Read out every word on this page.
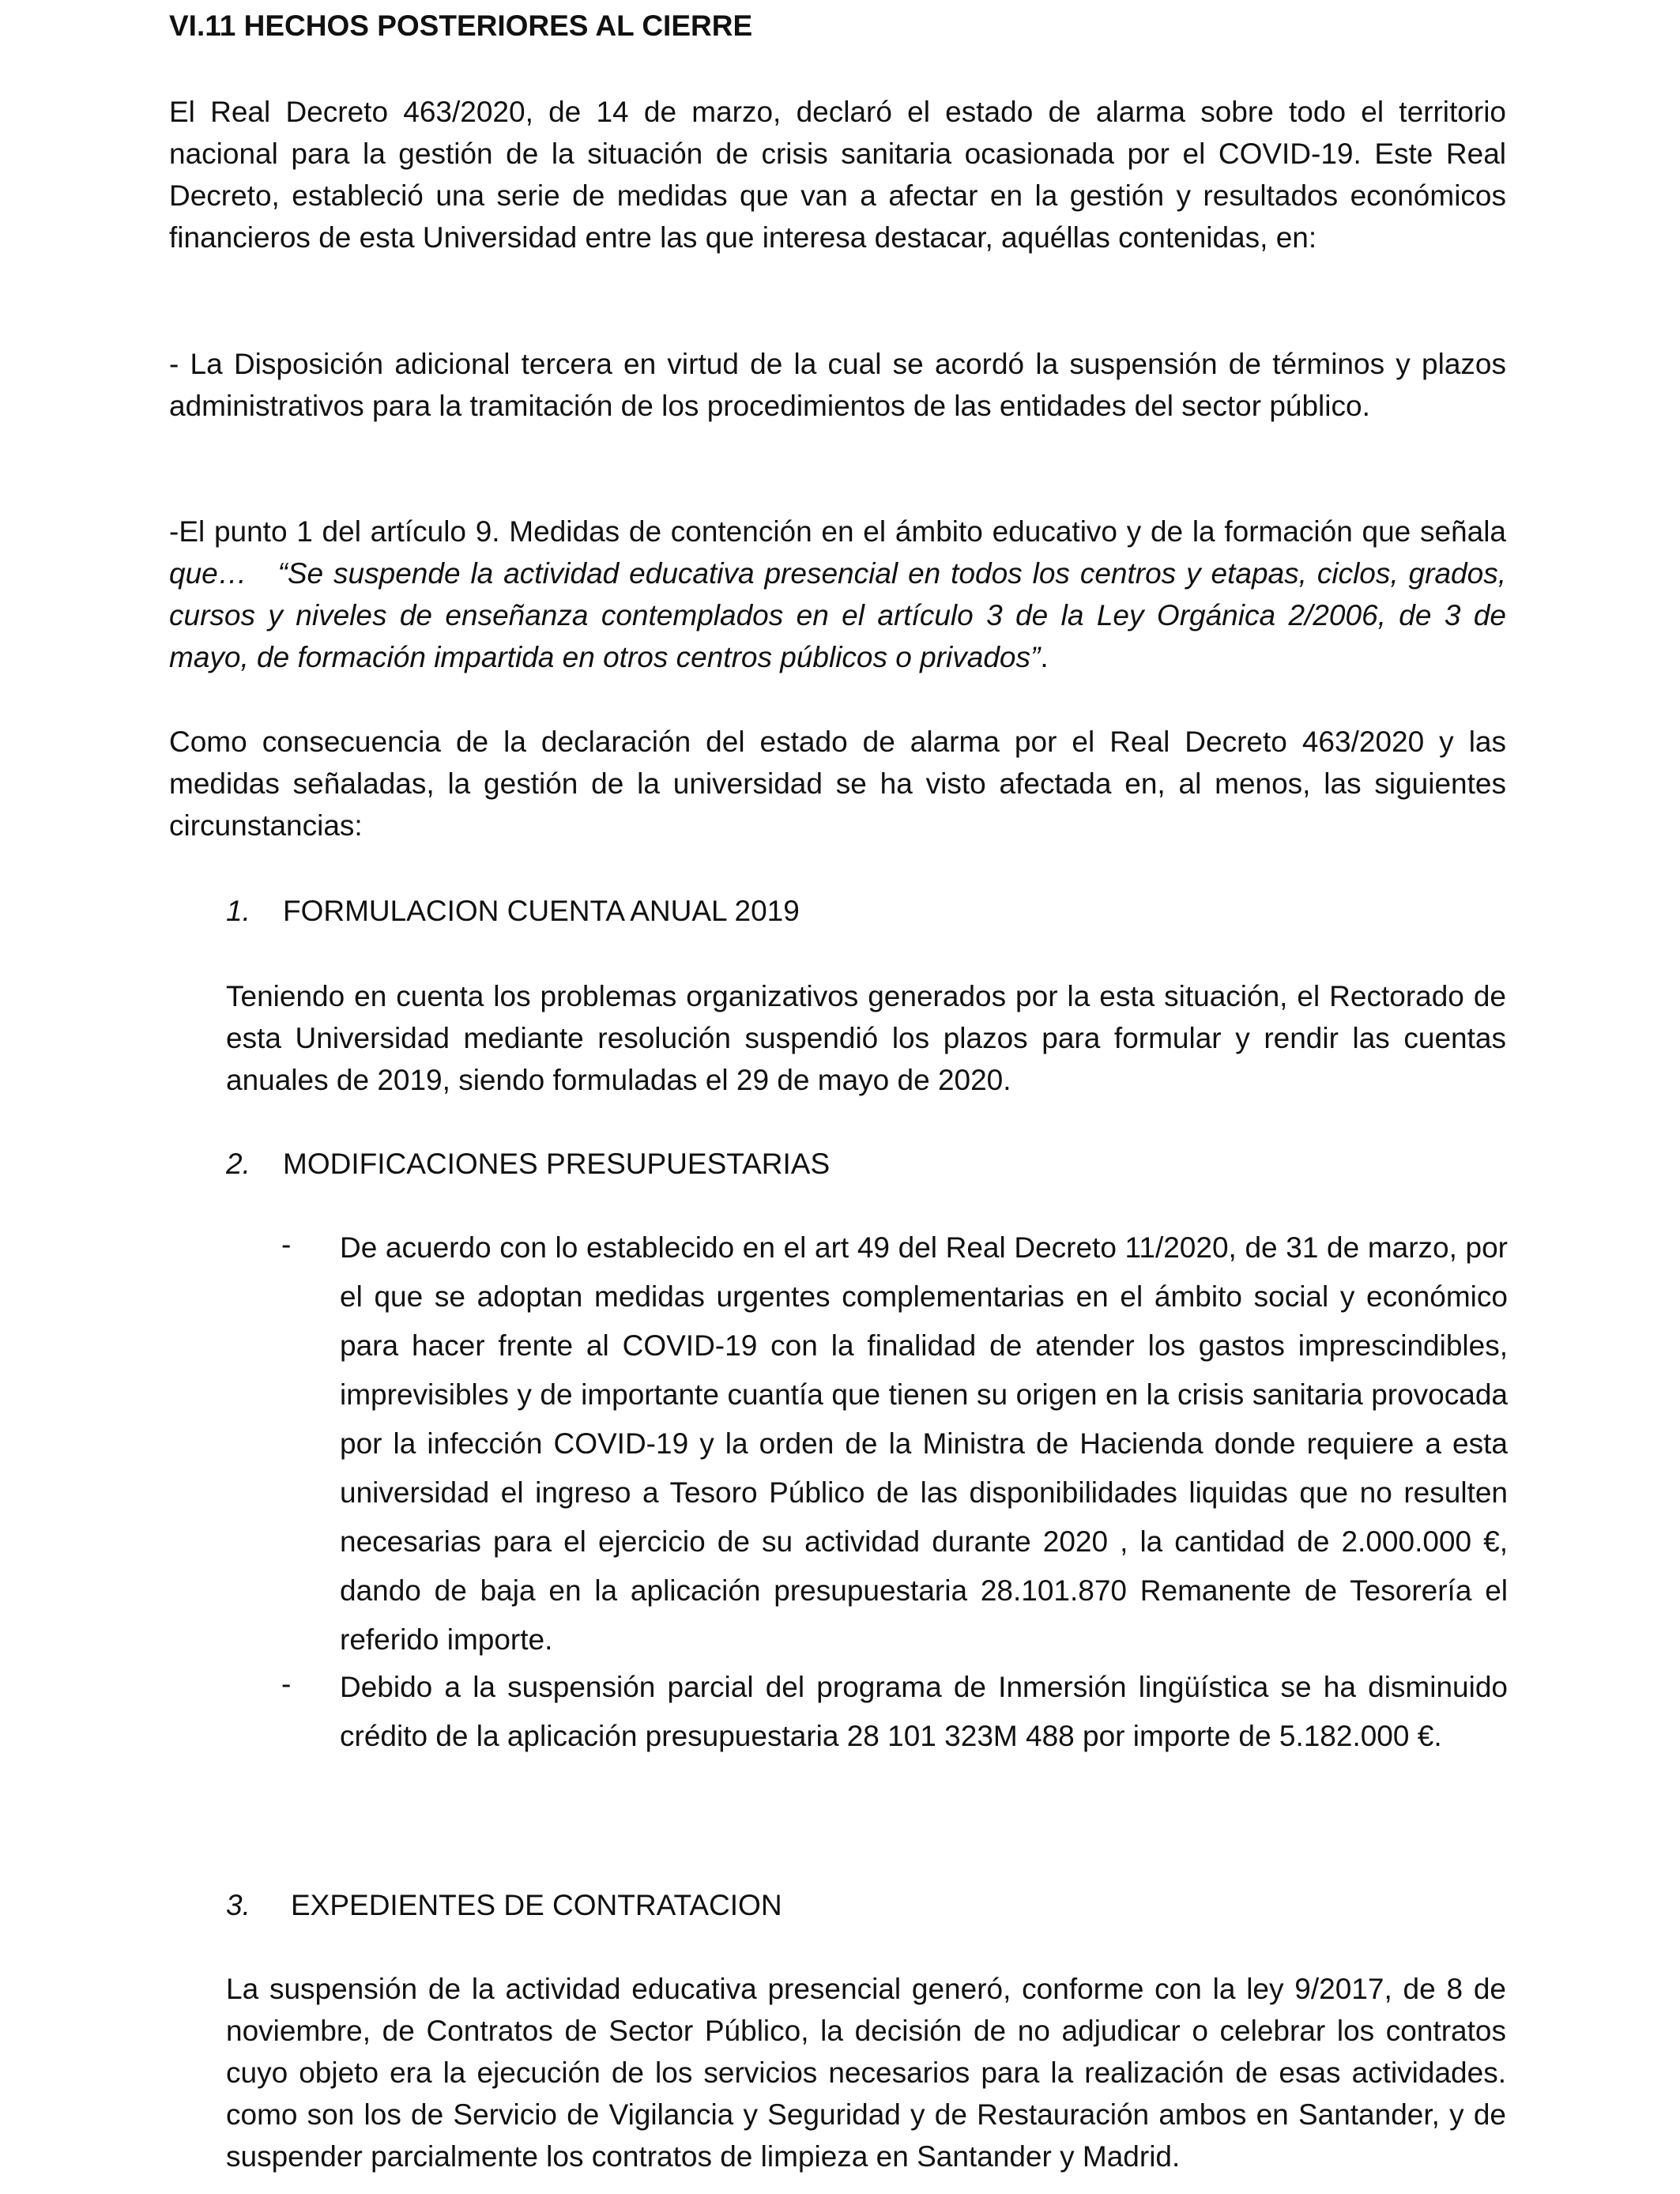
VI.11 HECHOS POSTERIORES AL CIERRE

El Real Decreto 463/2020, de 14 de marzo, declaró el estado de alarma sobre todo el territorio nacional para la gestión de la situación de crisis sanitaria ocasionada por el COVID-19. Este Real Decreto, estableció una serie de medidas que van a afectar en la gestión y resultados económicos financieros de esta Universidad entre las que interesa destacar, aquéllas contenidas, en:

- La Disposición adicional tercera en virtud de la cual se acordó la suspensión de términos y plazos administrativos para la tramitación de los procedimientos de las entidades del sector público.

-El punto 1 del artículo 9. Medidas de contención en el ámbito educativo y de la formación que señala que… “Se suspende la actividad educativa presencial en todos los centros y etapas, ciclos, grados, cursos y niveles de enseñanza contemplados en el artículo 3 de la Ley Orgánica 2/2006, de 3 de mayo, de formación impartida en otros centros públicos o privados”.

Como consecuencia de la declaración del estado de alarma por el Real Decreto 463/2020 y las medidas señaladas, la gestión de la universidad se ha visto afectada en, al menos, las siguientes circunstancias:

1. FORMULACION CUENTA ANUAL 2019

Teniendo en cuenta los problemas organizativos generados por la esta situación, el Rectorado de esta Universidad mediante resolución suspendió los plazos para formular y rendir las cuentas anuales de 2019, siendo formuladas el 29 de mayo de 2020.

2. MODIFICACIONES PRESUPUESTARIAS
- De acuerdo con lo establecido en el art 49 del Real Decreto 11/2020, de 31 de marzo, por el que se adoptan medidas urgentes complementarias en el ámbito social y económico para hacer frente al COVID-19 con la finalidad de atender los gastos imprescindibles, imprevisibles y de importante cuantía que tienen su origen en la crisis sanitaria provocada por la infección COVID-19 y la orden de la Ministra de Hacienda donde requiere a esta universidad el ingreso a Tesoro Público de las disponibilidades liquidas que no resulten necesarias para el ejercicio de su actividad durante 2020 , la cantidad de 2.000.000 €, dando de baja en la aplicación presupuestaria 28.101.870 Remanente de Tesorería el referido importe.
- Debido a la suspensión parcial del programa de Inmersión lingüística se ha disminuido crédito de la aplicación presupuestaria 28 101 323M 488 por importe de 5.182.000 €.
3. EXPEDIENTES DE CONTRATACION

La suspensión de la actividad educativa presencial generó, conforme con la ley 9/2017, de 8 de noviembre, de Contratos de Sector Público, la decisión de no adjudicar o celebrar los contratos cuyo objeto era la ejecución de los servicios necesarios para la realización de esas actividades. como son los de Servicio de Vigilancia y Seguridad y de Restauración ambos en Santander, y de suspender parcialmente los contratos de limpieza en Santander y Madrid.
